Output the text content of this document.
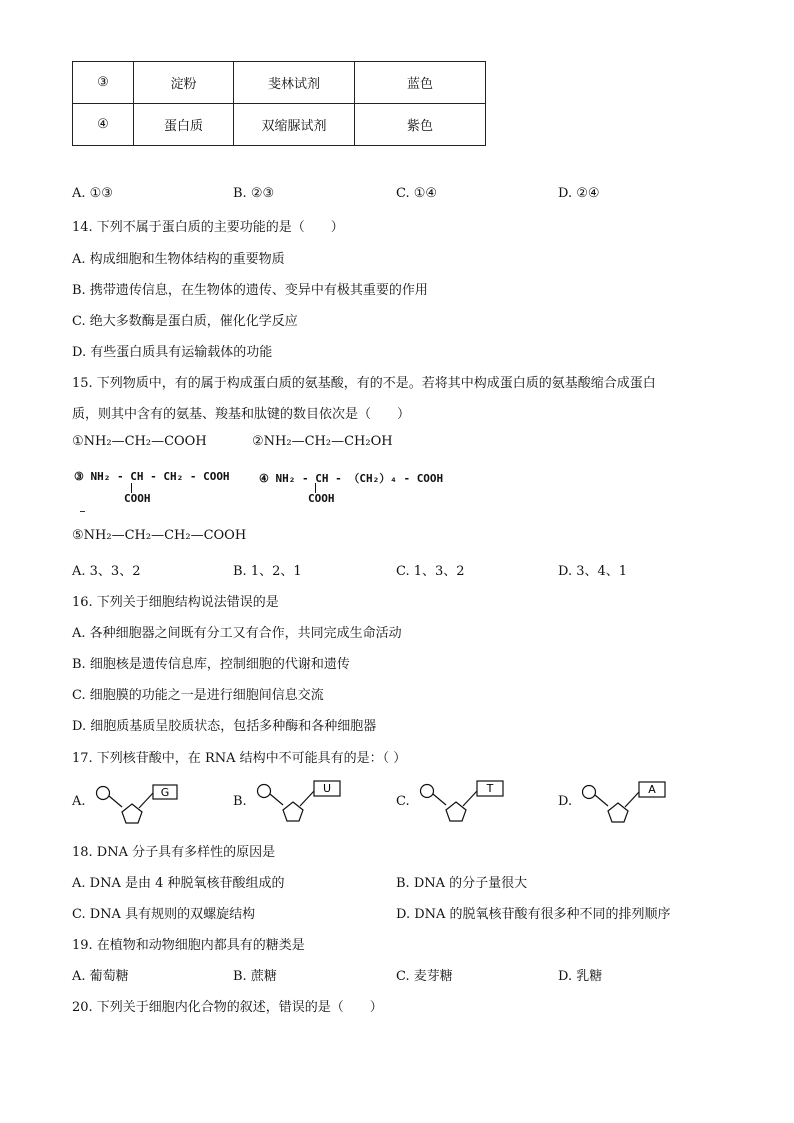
③	淀粉	斐林试剂	蓝色
④	蛋白质	双缩脲试剂	紫色
A. ①③	B. ②③	C. ①④	D. ②④
14. 下列不属于蛋白质的主要功能的是（　　）
A. 构成细胞和生物体结构的重要物质
B. 携带遗传信息，在生物体的遗传、变异中有极其重要的作用
C. 绝大多数酶是蛋白质，催化化学反应
D. 有些蛋白质具有运输载体的功能
15. 下列物质中，有的属于构成蛋白质的氨基酸，有的不是。若将其中构成蛋白质的氨基酸缩合成蛋白
质，则其中含有的氨基、羧基和肽键的数目依次是（　　）
①NH₂—CH₂—COOH	②NH₂—CH₂—CH₂OH
③ NH₂ - CH - CH₂ - COOH
COOH
④ NH₂ - CH - （CH₂）₄ - COOH
COOH
⑤NH₂—CH₂—CH₂—COOH
A. 3、3、2	B. 1、2、1	C. 1、3、2	D. 3、4、1
16. 下列关于细胞结构说法错误的是
A. 各种细胞器之间既有分工又有合作，共同完成生命活动
B. 细胞核是遗传信息库，控制细胞的代谢和遗传
C. 细胞膜的功能之一是进行细胞间信息交流
D. 细胞质基质呈胶质状态，包括多种酶和各种细胞器
17. 下列核苷酸中，在 RNA 结构中不可能具有的是：（ ）
A.
G
B.
U
C.
T
D.
A
18. DNA 分子具有多样性的原因是
A. DNA 是由 4 种脱氧核苷酸组成的	B. DNA 的分子量很大
C. DNA 具有规则的双螺旋结构	D. DNA 的脱氧核苷酸有很多种不同的排列顺序
19. 在植物和动物细胞内都具有的糖类是
A. 葡萄糖	B. 蔗糖	C. 麦芽糖	D. 乳糖
20. 下列关于细胞内化合物的叙述，错误的是（　　）
